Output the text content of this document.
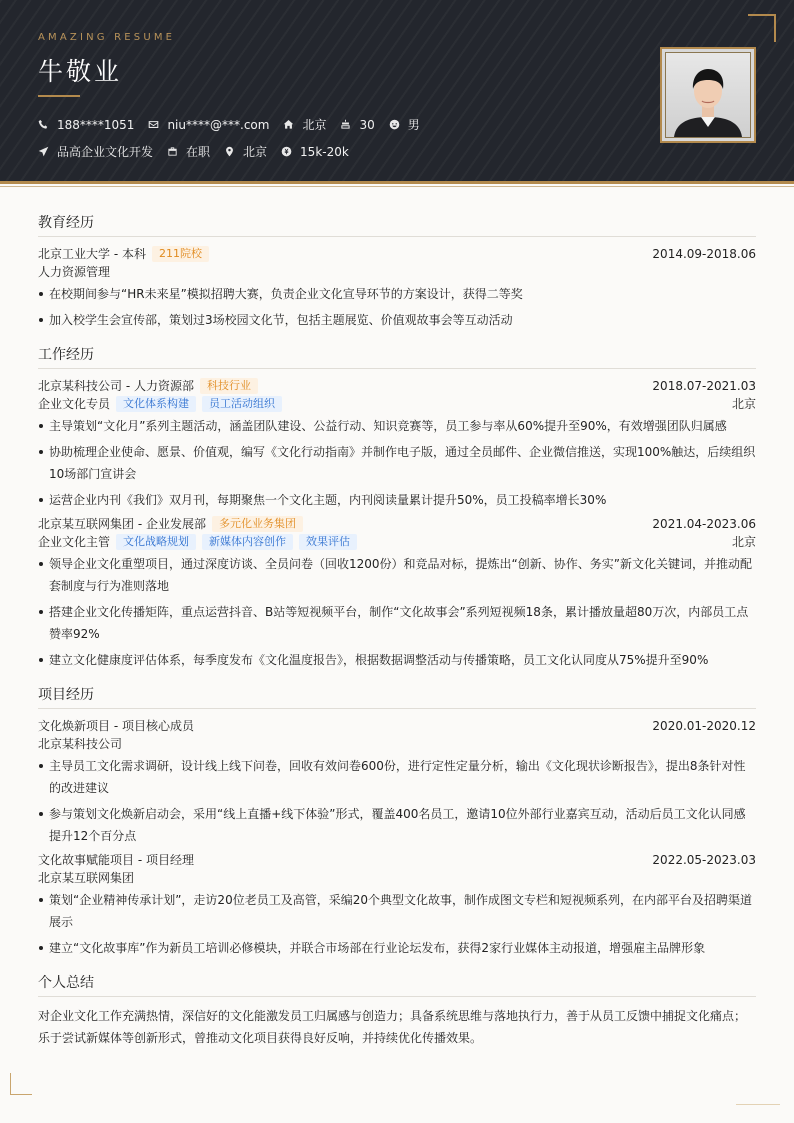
AMAZING RESUME
牛敬业
188****1051	niu****@***.com	北京	30	男
品高企业文化开发	在职	北京	15k-20k
教育经历
北京工业大学 - 本科	211院校	2014.09-2018.06
人力资源管理
在校期间参与“HR未来星”模拟招聘大赛，负责企业文化宣导环节的方案设计，获得二等奖
加入校学生会宣传部，策划过3场校园文化节，包括主题展览、价值观故事会等互动活动
工作经历
北京某科技公司 - 人力资源部	科技行业	2018.07-2021.03
企业文化专员	文化体系构建	员工活动组织	北京
主导策划“文化月”系列主题活动，涵盖团队建设、公益行动、知识竞赛等，员工参与率从60%提升至90%，有效增强团队归属感
协助梳理企业使命、愿景、价值观，编写《文化行动指南》并制作电子版，通过全员邮件、企业微信推送，实现100%触达，后续组织10场部门宣讲会
运营企业内刊《我们》双月刊，每期聚焦一个文化主题，内刊阅读量累计提升50%，员工投稿率增长30%
北京某互联网集团 - 企业发展部	多元化业务集团	2021.04-2023.06
企业文化主管	文化战略规划	新媒体内容创作	效果评估	北京
领导企业文化重塑项目，通过深度访谈、全员问卷（回收1200份）和竞品对标，提炼出“创新、协作、务实”新文化关键词，并推动配套制度与行为准则落地
搭建企业文化传播矩阵，重点运营抖音、B站等短视频平台，制作“文化故事会”系列短视频18条，累计播放量超80万次，内部员工点赞率92%
建立文化健康度评估体系，每季度发布《文化温度报告》，根据数据调整活动与传播策略，员工文化认同度从75%提升至90%
项目经历
文化焕新项目 - 项目核心成员	2020.01-2020.12
北京某科技公司
主导员工文化需求调研，设计线上线下问卷，回收有效问卷600份，进行定性定量分析，输出《文化现状诊断报告》，提出8条针对性的改进建议
参与策划文化焕新启动会，采用“线上直播+线下体验”形式，覆盖400名员工，邀请10位外部行业嘉宾互动，活动后员工文化认同感提升12个百分点
文化故事赋能项目 - 项目经理	2022.05-2023.03
北京某互联网集团
策划“企业精神传承计划”，走访20位老员工及高管，采编20个典型文化故事，制作成图文专栏和短视频系列，在内部平台及招聘渠道展示
建立“文化故事库”作为新员工培训必修模块，并联合市场部在行业论坛发布，获得2家行业媒体主动报道，增强雇主品牌形象
个人总结

对企业文化工作充满热情，深信好的文化能激发员工归属感与创造力；具备系统思维与落地执行力，善于从员工反馈中捕捉文化痛点；乐于尝试新媒体等创新形式，曾推动文化项目获得良好反响，并持续优化传播效果。
